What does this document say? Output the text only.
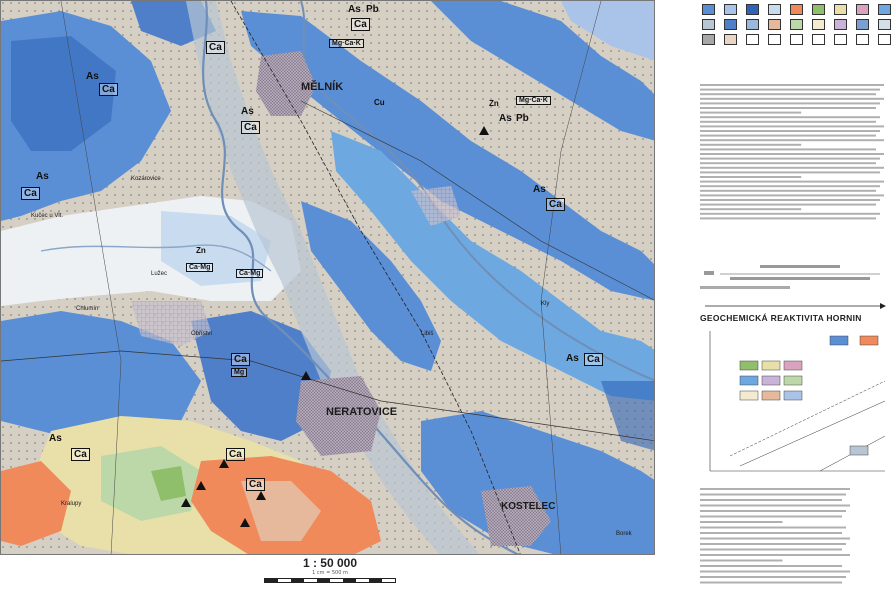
MĚLNÍK
NERATOVICE
KOSTELEC
Kozárovice
Kučec u Vlt.
Obříství
Chlumín
Lužec
Kralupy
Libiš
Borek
Kly
As Pb
Ca
Mg·Ca·K
As
Ca
Ca
As
Ca
As
Ca
As Pb
Mg·Ca·K
Zn
Cu
As
Ca
As Ca
Ca·Mg
Ca·Mg
Zn
Ca
Mg
As
Ca	Ca
Ca
1 : 50 000
1 cm = 500 m
GEOCHEMICKÁ REAKTIVITA HORNIN
